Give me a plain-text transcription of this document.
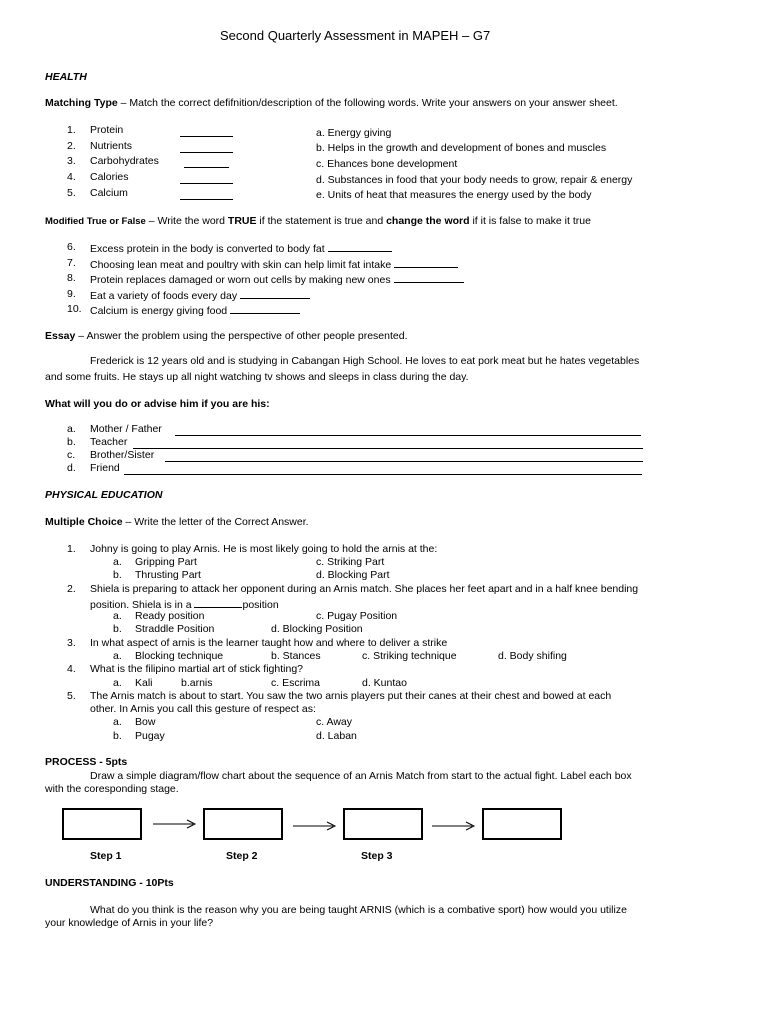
Second Quarterly Assessment in MAPEH – G7
HEALTH
Matching Type – Match the correct defifnition/description of the following words. Write your answers on your answer sheet.
1. Protein
2. Nutrients
3. Carbohydrates
4. Calories
5. Calcium
a. Energy giving
b. Helps in the growth and development of bones and muscles
c. Ehances bone development
d. Substances in food that your body needs to grow, repair & energy
e. Units of heat that measures the energy used by the body
Modified True or False – Write the word TRUE if the statement is true and change the word if it is false to make it true
6. Excess protein in the body is converted to body fat
7. Choosing lean meat and poultry with skin can help limit fat intake
8. Protein replaces damaged or worn out cells by making new ones
9. Eat a variety of foods every day
10. Calcium is energy giving food
Essay – Answer the problem using the perspective of other people presented.
Frederick is 12 years old and is studying in Cabangan High School. He loves to eat pork meat but he hates vegetables
and some fruits. He stays up all night watching tv shows and sleeps in class during the day.
What will you do or advise him if you are his:
a. Mother / Father
b. Teacher
c. Brother/Sister
d. Friend
PHYSICAL EDUCATION
Multiple Choice – Write the letter of the Correct Answer.
1. Johny is going to play Arnis. He is most likely going to hold the arnis at the:
a. Gripping Part	c. Striking Part
b. Thrusting Part	d. Blocking Part
2. Shiela is preparing to attack her opponent during an Arnis match. She places her feet apart and in a half knee bending
position. Shiela is in a	position
a. Ready position	c. Pugay Position
b. Straddle Position	d. Blocking Position
3. In what aspect of arnis is the learner taught how and where to deliver a strike
a. Blocking technique	b. Stances	c. Striking technique	d. Body shifing
4. What is the filipino martial art of stick fighting?
a. Kali	b.arnis	c. Escrima	d. Kuntao
5. The Arnis match is about to start. You saw the two arnis players put their canes at their chest and bowed at each
other. In Arnis you call this gesture of respect as:
a. Bow	c. Away
b. Pugay	d. Laban
PROCESS - 5pts
Draw a simple diagram/flow chart about the sequence of an Arnis Match from start to the actual fight. Label each box
with the coresponding stage.
Step 1	Step 2	Step 3
UNDERSTANDING - 10Pts
What do you think is the reason why you are being taught ARNIS (which is a combative sport) how would you utilize
your knowledge of Arnis in your life?
